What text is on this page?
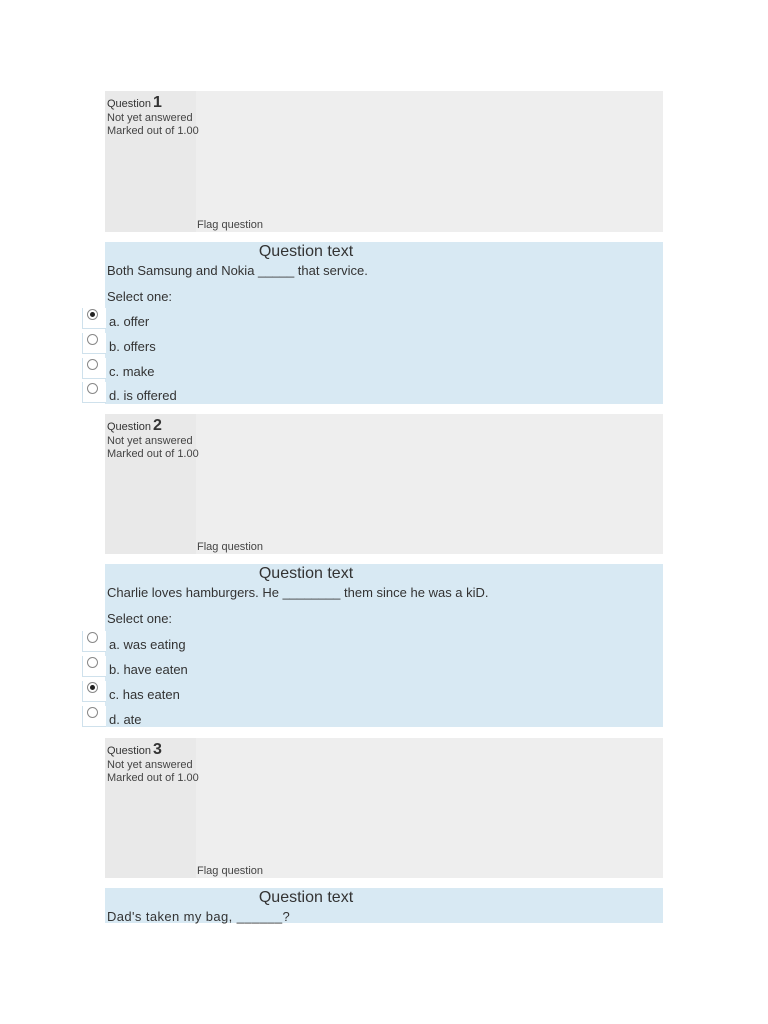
Question 1
Not yet answered
Marked out of 1.00
Flag question
Question text
Both Samsung and Nokia _____ that service.
Select one:
a. offer
b. offers
c. make
d. is offered
Question 2
Not yet answered
Marked out of 1.00
Flag question
Question text
Charlie loves hamburgers. He ________ them since he was a kiD.
Select one:
a. was eating
b. have eaten
c. has eaten
d. ate
Question 3
Not yet answered
Marked out of 1.00
Flag question
Question text
Dad's taken my bag, ______?
